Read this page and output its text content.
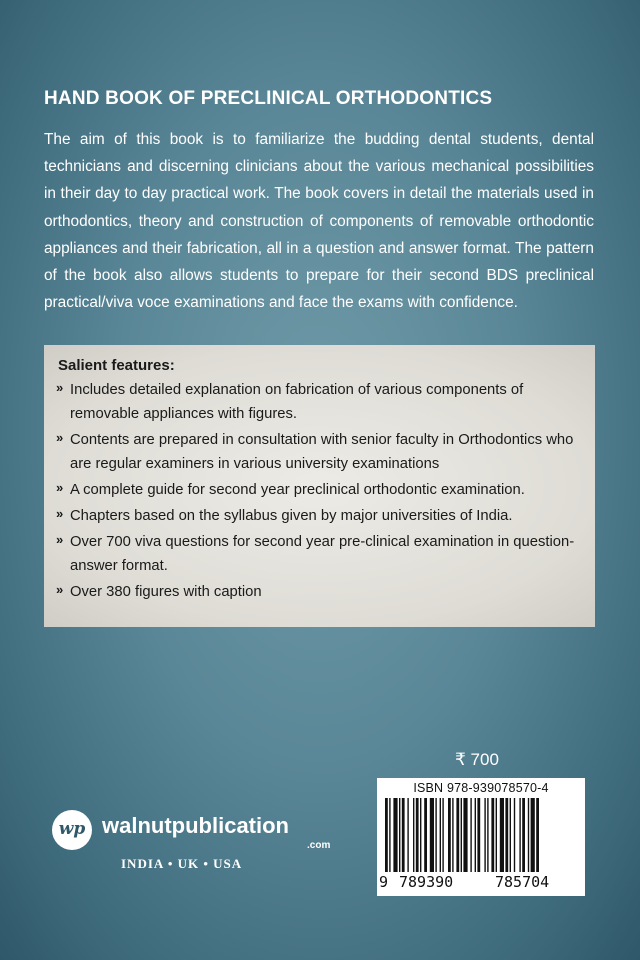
HAND BOOK OF PRECLINICAL ORTHODONTICS
The aim of this book is to familiarize the budding dental students, dental technicians and discerning clinicians about the various mechanical possibilities in their day to day practical work. The book covers in detail the materials used in orthodontics, theory and construction of components of removable orthodontic appliances and their fabrication, all in a question and answer format. The pattern of the book also allows students to prepare for their second BDS preclinical practical/viva voce examinations and face the exams with confidence.
Salient features:
» Includes detailed explanation on fabrication of various components of removable appliances with figures.
» Contents are prepared in consultation with senior faculty in Orthodontics who are regular examiners in various university examinations
» A complete guide for second year preclinical orthodontic examination.
» Chapters based on the syllabus given by major universities of India.
» Over 700 viva questions for second year pre-clinical examination in question-answer format.
» Over 380 figures with caption
₹ 700
ISBN 978-939078570-4
9 789390	785704
wp walnutpublication
.com
INDIA • UK • USA
